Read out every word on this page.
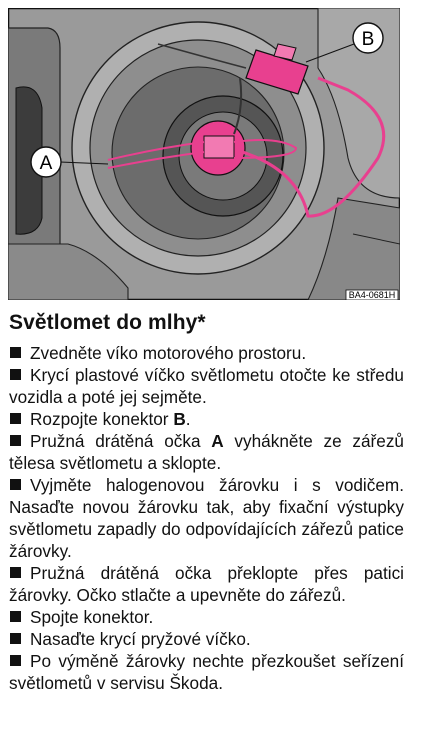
A
B
BA4-0681H
Světlomet do mlhy*
Zvedněte víko motorového prostoru.
Krycí plastové víčko světlometu otočte ke středu vozidla a poté jej sejměte.
Rozpojte konektor B.
Pružná drátěná očka A vyhákněte ze zářezů tělesa světlometu a sklopte.
Vyjměte halogenovou žárovku i s vodičem. Nasaďte novou žárovku tak, aby fixační výstupky světlometu zapadly do odpovídajících zářezů patice žárovky.
Pružná drátěná očka překlopte přes patici žárovky. Očko stlačte a upevněte do zářezů.
Spojte konektor.
Nasaďte krycí pryžové víčko.
Po výměně žárovky nechte přezkoušet seřízení světlometů v servisu Škoda.
